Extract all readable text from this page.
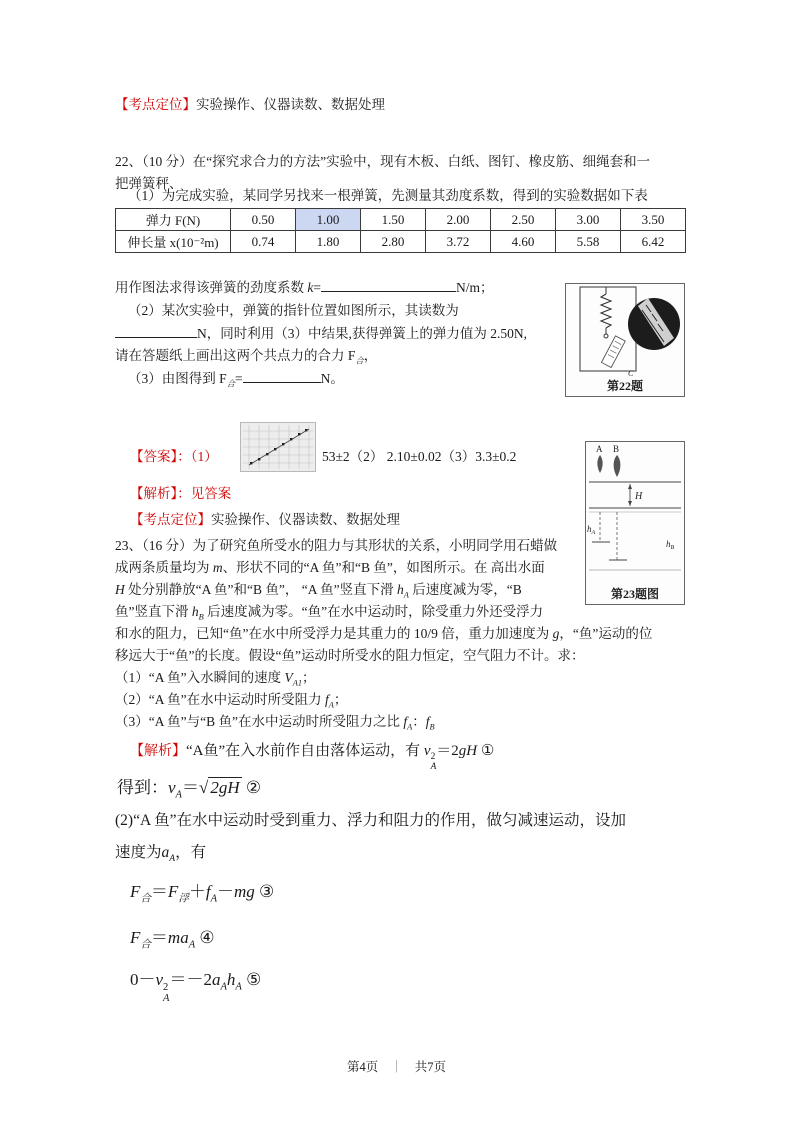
【考点定位】实验操作、仪器读数、数据处理
22、（10 分）在“探究求合力的方法”实验中，现有木板、白纸、图钉、橡皮筋、细绳套和一
把弹簧秤、
（1）为完成实验，某同学另找来一根弹簧，先测量其劲度系数，得到的实验数据如下表
弹力 F(N)	0.50	1.00	1.50	2.00	2.50	3.00	3.50
伸长量 x(10⁻²m)	0.74	1.80	2.80	3.72	4.60	5.58	6.42
用作图法求得该弹簧的劲度系数 k=	N/m；
（2）某次实验中，弹簧的指针位置如图所示，其读数为
N，同时利用（3）中结果,获得弹簧上的弹力值为 2.50N,
请在答题纸上画出这两个共点力的合力 $F_合$，
（3）由图得到 $F_合=$	N。	C
第22题
【答案】：（1）	53±2（2） 2.10±0.02（3）3.3±0.2
【解析】：见答案
【考点定位】实验操作、仪器读数、数据处理
23、（16 分）为了研究鱼所受水的阻力与其形状的关系，小明同学用石蜡做
成两条质量均为 m、形状不同的“A 鱼”和“B 鱼”，如图所示。在 高出水面
H 处分别静放“A 鱼”和“B 鱼”， “A 鱼”竖直下滑 $h_A$ 后速度减为零，“B
鱼”竖直下滑 $h_B$ 后速度减为零。“鱼”在水中运动时，除受重力外还受浮力
和水的阻力，已知“鱼”在水中所受浮力是其重力的 10/9 倍，重力加速度为 g，“鱼”运动的位
移远大于“鱼”的长度。假设“鱼”运动时所受水的阻力恒定，空气阻力不计。求：
（1）“A 鱼”入水瞬间的速度 $V_{A1}$；
（2）“A 鱼”在水中运动时所受阻力 $f_A$；
（3）“A 鱼”与“B 鱼”在水中运动时所受阻力之比 $f_A$：$f_B$
A B
H
$h_A$
$h_B$
第23题图
【解析】“A鱼”在入水前作自由落体运动，有 v 2
A
＝2gH ①
得到：$v_A=√$ 2gH ②
(2)“A 鱼”在水中运动时受到重力、浮力和阻力的作用，做匀减速运动，设加
速度为$a_A$，有
$F_合=F_浮+f_A-mg$ ③
$F_合=ma_A$ ④
0－v 2
A
$=-2a_Ah_A$ ⑤
第4页 ｜ 共7页
